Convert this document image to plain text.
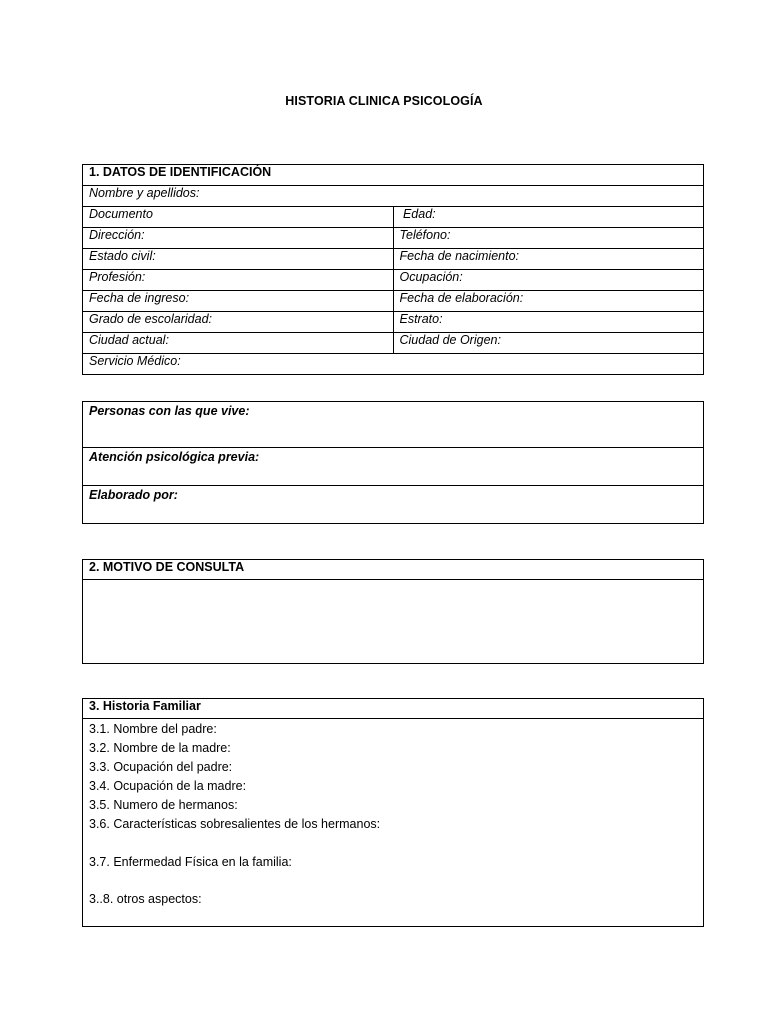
HISTORIA CLINICA PSICOLOGÍA
1. DATOS DE IDENTIFICACIÓN	
Nombre y apellidos:	
Documento	Edad:
Dirección:	Teléfono:
Estado civil:	Fecha de nacimiento:
Profesión:	Ocupación:
Fecha de ingreso:	Fecha de elaboración:
Grado de escolaridad:	Estrato:
Ciudad actual:	Ciudad de Origen:
Servicio Médico:	
Personas con las que vive:
Atención psicológica previa:
Elaborado por:
2. MOTIVO DE CONSULTA

3. Historia Familiar

3.1. Nombre del padre:
3.2. Nombre de la madre:
3.3. Ocupación del padre:
3.4. Ocupación de la madre:
3.5. Numero de hermanos:
3.6. Características sobresalientes de los hermanos:
3.7. Enfermedad Física en la familia:
3..8. otros aspectos:
